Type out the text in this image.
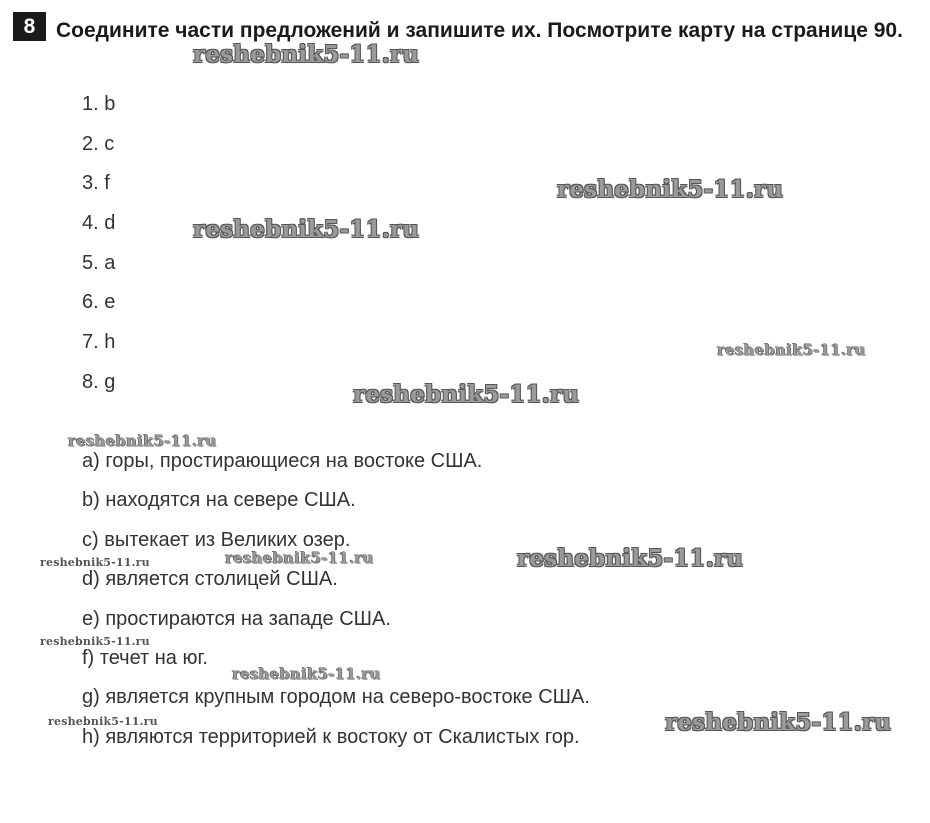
8 Соедините части предложений и запишите их. Посмотрите карту на странице 90.
1. b
2. c
3. f
4. d
5. a
6. e
7. h
8. g
a) горы, простирающиеся на востоке США.
b) находятся на севере США.
c) вытекает из Великих озер.
d) является столицей США.
e) простираются на западе США.
f) течет на юг.
g) является крупным городом на северо-востоке США.
h) являются территорией к востоку от Скалистых гор.
reshebnik5-11.ru
reshebnik5-11.ru
reshebnik5-11.ru
reshebnik5-11.ru
reshebnik5-11.ru
reshebnik5-11.ru
reshebnik5-11.ru
reshebnik5-11.ru
reshebnik5-11.ru
reshebnik5-11.ru
reshebnik5-11.ru
reshebnik5-11.ru	reshebnik5-11.ru
